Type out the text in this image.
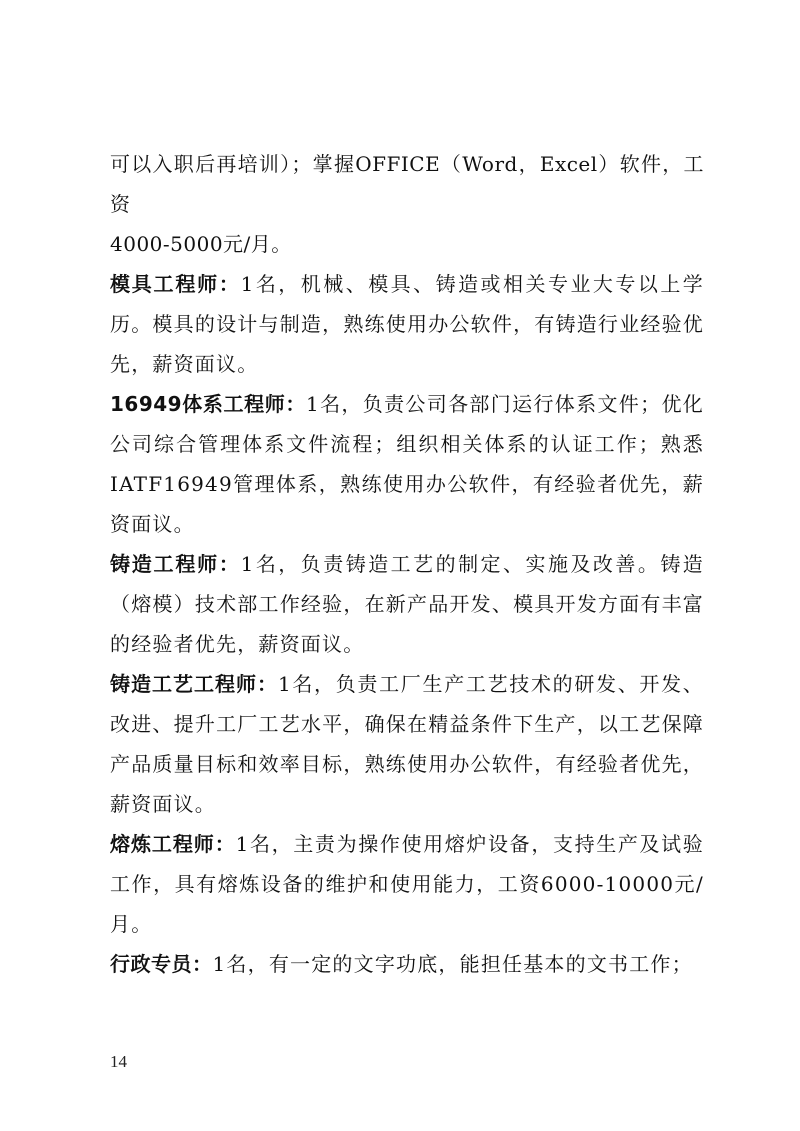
可以入职后再培训）；掌握OFFICE（Word，Excel）软件，工资
4000-5000元/月。

模具工程师：1名，机械、模具、铸造或相关专业大专以上学历。模具的设计与制造，熟练使用办公软件，有铸造行业经验优先，薪资面议。

16949体系工程师：1名，负责公司各部门运行体系文件；优化公司综合管理体系文件流程；组织相关体系的认证工作；熟悉IATF16949管理体系，熟练使用办公软件，有经验者优先，薪资面议。

铸造工程师：1名，负责铸造工艺的制定、实施及改善。铸造（熔模）技术部工作经验，在新产品开发、模具开发方面有丰富的经验者优先，薪资面议。

铸造工艺工程师：1名，负责工厂生产工艺技术的研发、开发、改进、提升工厂工艺水平，确保在精益条件下生产，以工艺保障产品质量目标和效率目标，熟练使用办公软件，有经验者优先，薪资面议。

熔炼工程师：1名，主责为操作使用熔炉设备，支持生产及试验工作，具有熔炼设备的维护和使用能力，工资6000-10000元/月。

行政专员：1名，有一定的文字功底，能担任基本的文书工作；

14
